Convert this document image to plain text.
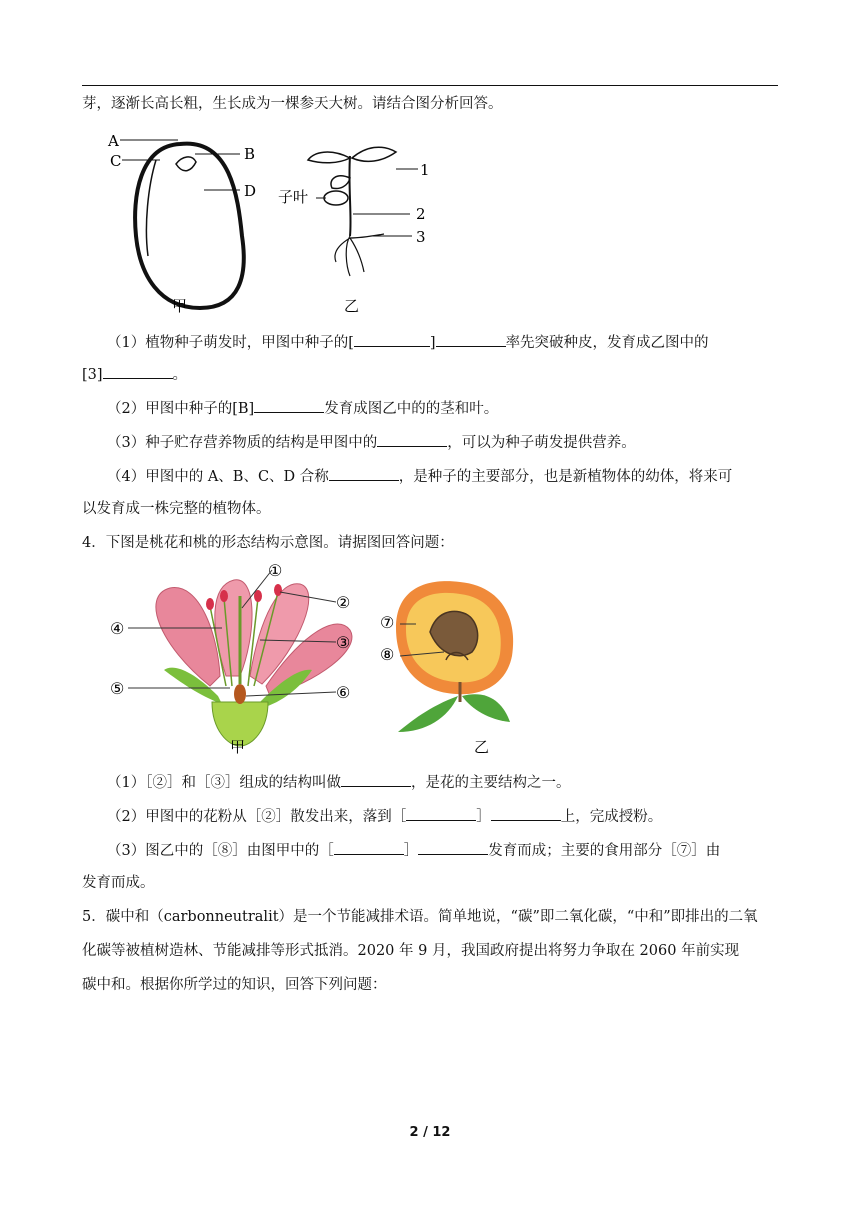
芽，逐渐长高长粗，生长成为一棵参天大树。请结合图分析回答。
A
C	B
D
甲
子叶
1
2
3
乙
（1）植物种子萌发时，甲图中种子的[	]	率先突破种皮，发育成乙图中的
[3]	。
（2）甲图中种子的[B]	发育成图乙中的的茎和叶。
（3）种子贮存营养物质的结构是甲图中的	，可以为种子萌发提供营养。
（4）甲图中的 A、B、C、D 合称	，是种子的主要部分，也是新植物体的幼体，将来可
以发育成一株完整的植物体。
4．下图是桃花和桃的形态结构示意图。请据图回答问题：
①
②
③
④
⑤	⑥
甲
⑦
⑧
乙
（1）［②］和［③］组成的结构叫做	，是花的主要结构之一。
（2）甲图中的花粉从［②］散发出来，落到［	］	上，完成授粉。
（3）图乙中的［⑧］由图甲中的［	］	发育而成；主要的食用部分［⑦］由
发育而成。
5．碳中和（carbonneutralit）是一个节能减排术语。简单地说，“碳”即二氧化碳，“中和”即排出的二氧
化碳等被植树造林、节能减排等形式抵消。2020 年 9 月，我国政府提出将努力争取在 2060 年前实现
碳中和。根据你所学过的知识，回答下列问题：
2 / 12
